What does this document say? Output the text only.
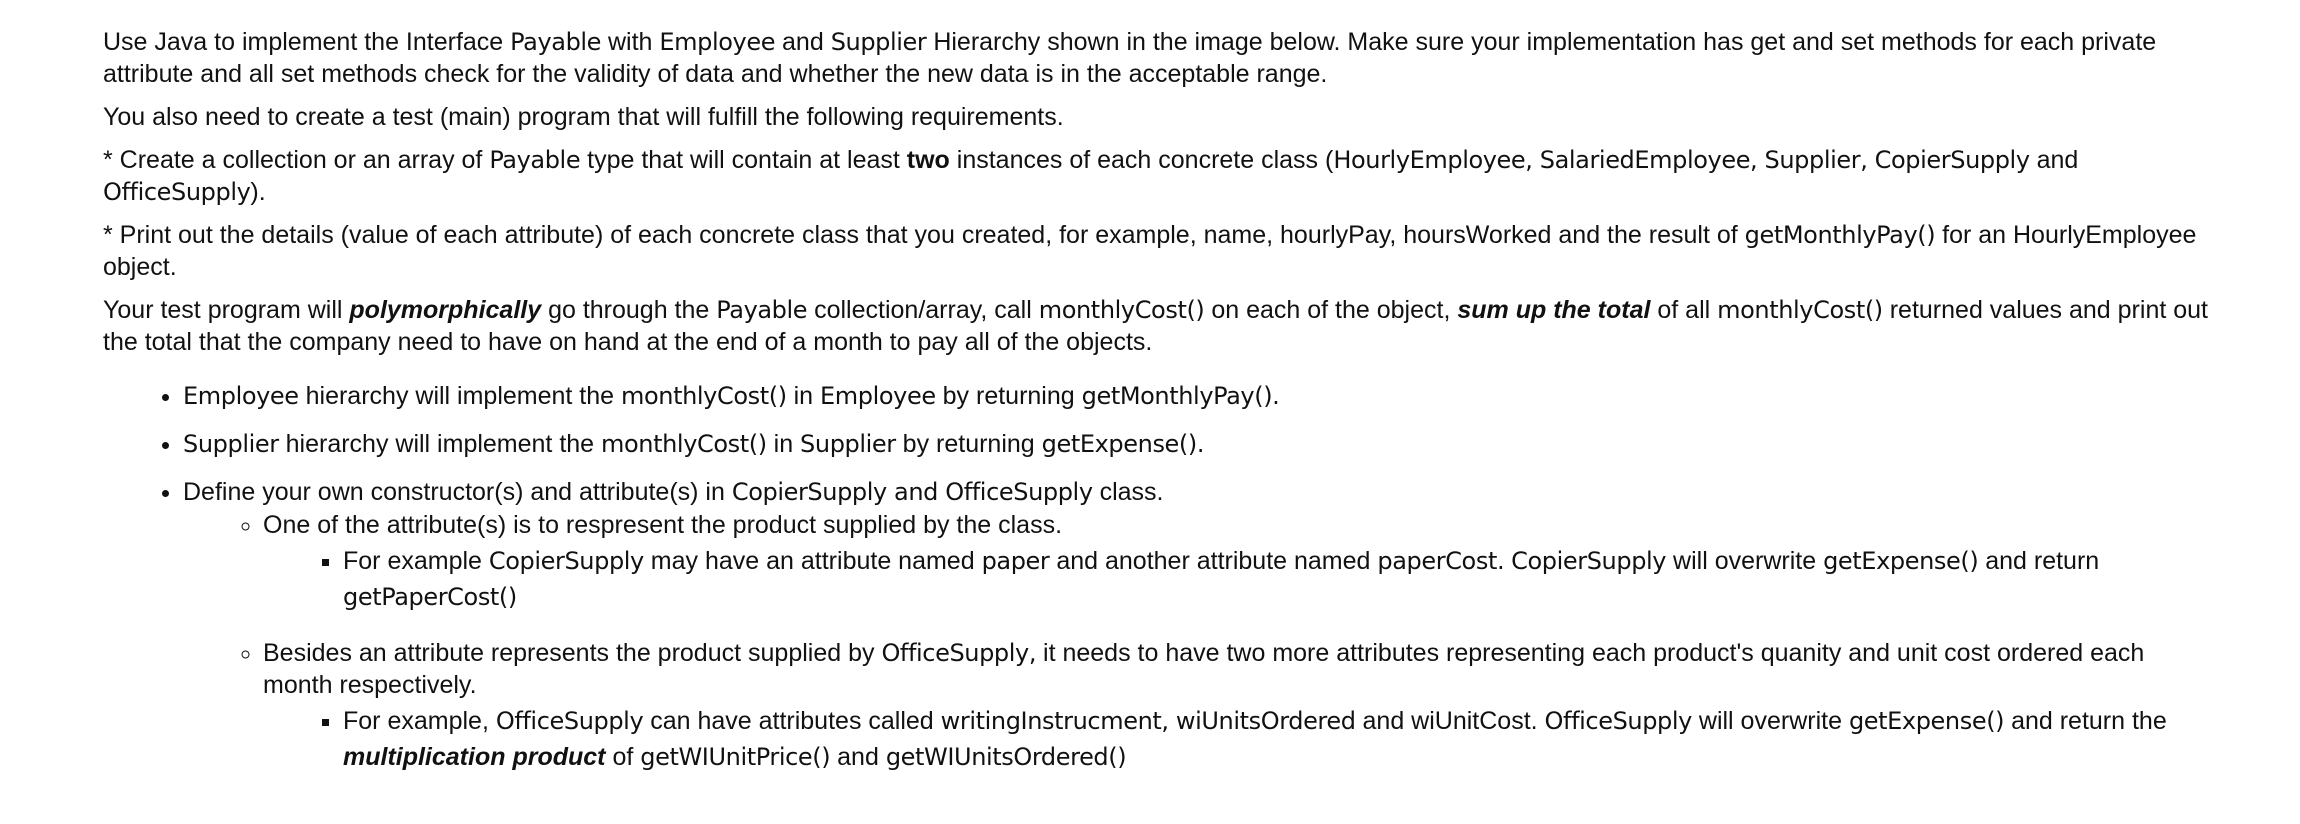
Use Java to implement the Interface Payable with Employee and Supplier Hierarchy shown in the image below. Make sure your implementation has get and set methods for each private attribute and all set methods check for the validity of data and whether the new data is in the acceptable range.

You also need to create a test (main) program that will fulfill the following requirements.

* Create a collection or an array of Payable type that will contain at least two instances of each concrete class (HourlyEmployee, SalariedEmployee, Supplier, CopierSupply and OfficeSupply).

* Print out the details (value of each attribute) of each concrete class that you created, for example, name, hourlyPay, hoursWorked and the result of getMonthlyPay() for an HourlyEmployee object.

Your test program will polymorphically go through the Payable collection/array, call monthlyCost() on each of the object, sum up the total of all monthlyCost() returned values and print out the total that the company need to have on hand at the end of a month to pay all of the objects.

• Employee hierarchy will implement the monthlyCost() in Employee by returning getMonthlyPay().
• Supplier hierarchy will implement the monthlyCost() in Supplier by returning getExpense().
• Define your own constructor(s) and attribute(s) in CopierSupply and OfficeSupply class.
◦ One of the attribute(s) is to respresent the product supplied by the class.
▪ For example CopierSupply may have an attribute named paper and another attribute named paperCost. CopierSupply will overwrite getExpense() and return getPaperCost()
◦ Besides an attribute represents the product supplied by OfficeSupply, it needs to have two more attributes representing each product's quanity and unit cost ordered each month respectively.
▪ For example, OfficeSupply can have attributes called writingInstrucment, wiUnitsOrdered and wiUnitCost. OfficeSupply will overwrite getExpense() and return the multiplication product of getWIUnitPrice() and getWIUnitsOrdered()
